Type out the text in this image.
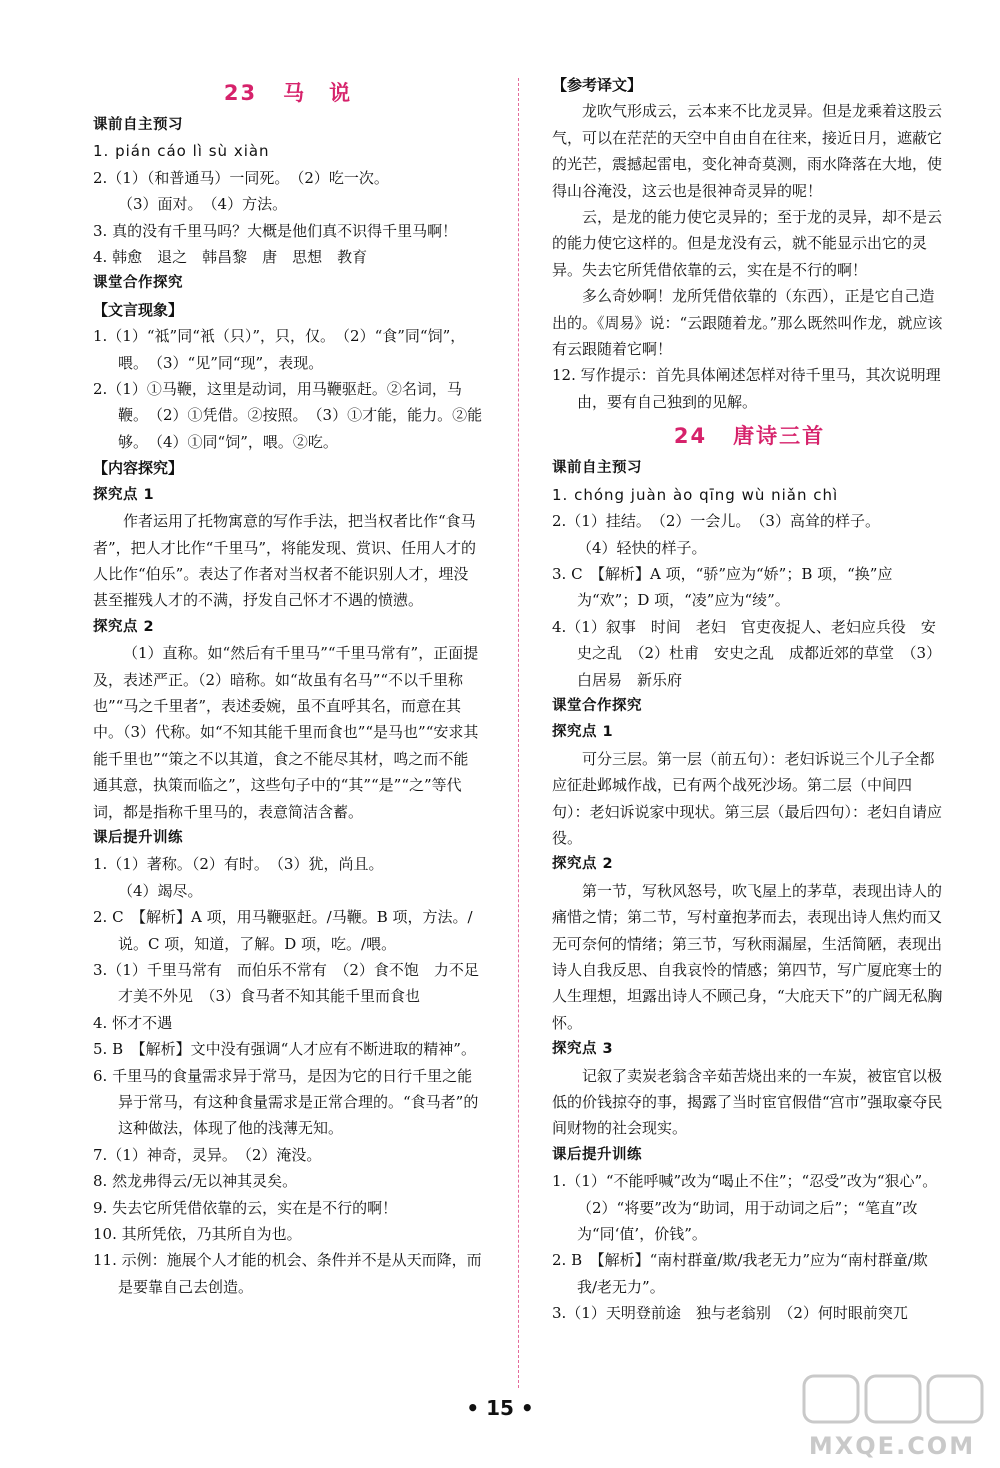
23 马　说
课前自主预习
1. pián cáo lì sù xiàn
2.（1）（和普通马）一同死。　（2）吃一次。
（3）面对。　（4）方法。
3. 真的没有千里马吗？大概是他们真不识得千里马啊！
4. 韩愈　退之　韩昌黎　唐　思想　教育
课堂合作探究
【文言现象】
1.（1）“祗”同“衹（只）”，只，仅。　（2）“食”同“饲”，喂。　（3）“见”同“现”，表现。
2.（1）①马鞭，这里是动词，用马鞭驱赶。②名词，马鞭。　（2）①凭借。②按照。　（3）①才能，能力。②能够。　（4）①同“饲”，喂。②吃。
【内容探究】
探究点 1
作者运用了托物寓意的写作手法，把当权者比作“食马者”，把人才比作“千里马”，将能发现、赏识、任用人才的人比作“伯乐”。表达了作者对当权者不能识别人才，埋没甚至摧残人才的不满，抒发自己怀才不遇的愤懑。
探究点 2
（1）直称。如“然后有千里马”“千里马常有”，正面提及，表述严正。（2）暗称。如“故虽有名马”“不以千里称也”“马之千里者”，表述委婉，虽不直呼其名，而意在其中。（3）代称。如“不知其能千里而食也”“是马也”“安求其能千里也”“策之不以其道，食之不能尽其材，鸣之而不能通其意，执策而临之”，这些句子中的“其”“是”“之”等代词，都是指称千里马的，表意简洁含蓄。
课后提升训练
1.（1）著称。（2）有时。　（3）犹，尚且。
（4）竭尽。
2. C　【解析】A 项，用马鞭驱赶。/马鞭。B 项，方法。/说。C 项，知道，了解。D 项，吃。/喂。
3.（1）千里马常有　而伯乐不常有　（2）食不饱　力不足　才美不外见　（3）食马者不知其能千里而食也
4. 怀才不遇
5. B　【解析】文中没有强调“人才应有不断进取的精神”。
6. 千里马的食量需求异于常马，是因为它的日行千里之能异于常马，有这种食量需求是正常合理的。“食马者”的这种做法，体现了他的浅薄无知。
7.（1）神奇，灵异。　（2）淹没。
8. 然龙弗得云/无以神其灵矣。
9. 失去它所凭借依靠的云，实在是不行的啊！
10. 其所凭依，乃其所自为也。
11. 示例：施展个人才能的机会、条件并不是从天而降，而是要靠自己去创造。
【参考译文】
龙吹气形成云，云本来不比龙灵异。但是龙乘着这股云气，可以在茫茫的天空中自由自在往来，接近日月，遮蔽它的光芒，震撼起雷电，变化神奇莫测，雨水降落在大地，使得山谷淹没，这云也是很神奇灵异的呢！
云，是龙的能力使它灵异的；至于龙的灵异，却不是云的能力使它这样的。但是龙没有云，就不能显示出它的灵异。失去它所凭借依靠的云，实在是不行的啊！
多么奇妙啊！龙所凭借依靠的（东西），正是它自己造出的。《周易》说：“云跟随着龙。”那么既然叫作龙，就应该有云跟随着它啊！
12. 写作提示：首先具体阐述怎样对待千里马，其次说明理由，要有自己独到的见解。
24 唐诗三首
课前自主预习
1. chóng juàn ào qīng wù niǎn chì
2.（1）挂结。　（2）一会儿。　（3）高耸的样子。
（4）轻快的样子。
3. C　【解析】A 项，“骄”应为“娇”；B 项，“换”应为“欢”；D 项，“凌”应为“绫”。
4.（1）叙事　时间　老妇　官吏夜捉人、老妇应兵役　安史之乱　（2）杜甫　安史之乱　成都近郊的草堂　（3）白居易　新乐府
课堂合作探究
探究点 1
可分三层。第一层（前五句）：老妇诉说三个儿子全都应征赴邺城作战，已有两个战死沙场。第二层（中间四句）：老妇诉说家中现状。第三层（最后四句）：老妇自请应役。
探究点 2
第一节，写秋风怒号，吹飞屋上的茅草，表现出诗人的痛惜之情；第二节，写村童抱茅而去，表现出诗人焦灼而又无可奈何的情绪；第三节，写秋雨漏屋，生活简陋，表现出诗人自我反思、自我哀怜的情感；第四节，写广厦庇寒士的人生理想，坦露出诗人不顾己身，“大庇天下”的广阔无私胸怀。
探究点 3
记叙了卖炭老翁含辛茹苦烧出来的一车炭，被宦官以极低的价钱掠夺的事，揭露了当时宦官假借“宫市”强取豪夺民间财物的社会现实。
课后提升训练
1.（1）“不能呼喊”改为“喝止不住”；“忍受”改为“狠心”。　（2）“将要”改为“助词，用于动词之后”；“笔直”改为“同‘值’，价钱”。
2. B　【解析】“南村群童/欺/我老无力”应为“南村群童/欺我/老无力”。
3.（1）天明登前途　独与老翁别　（2）何时眼前突兀
• 15 •
MXQE.COM
